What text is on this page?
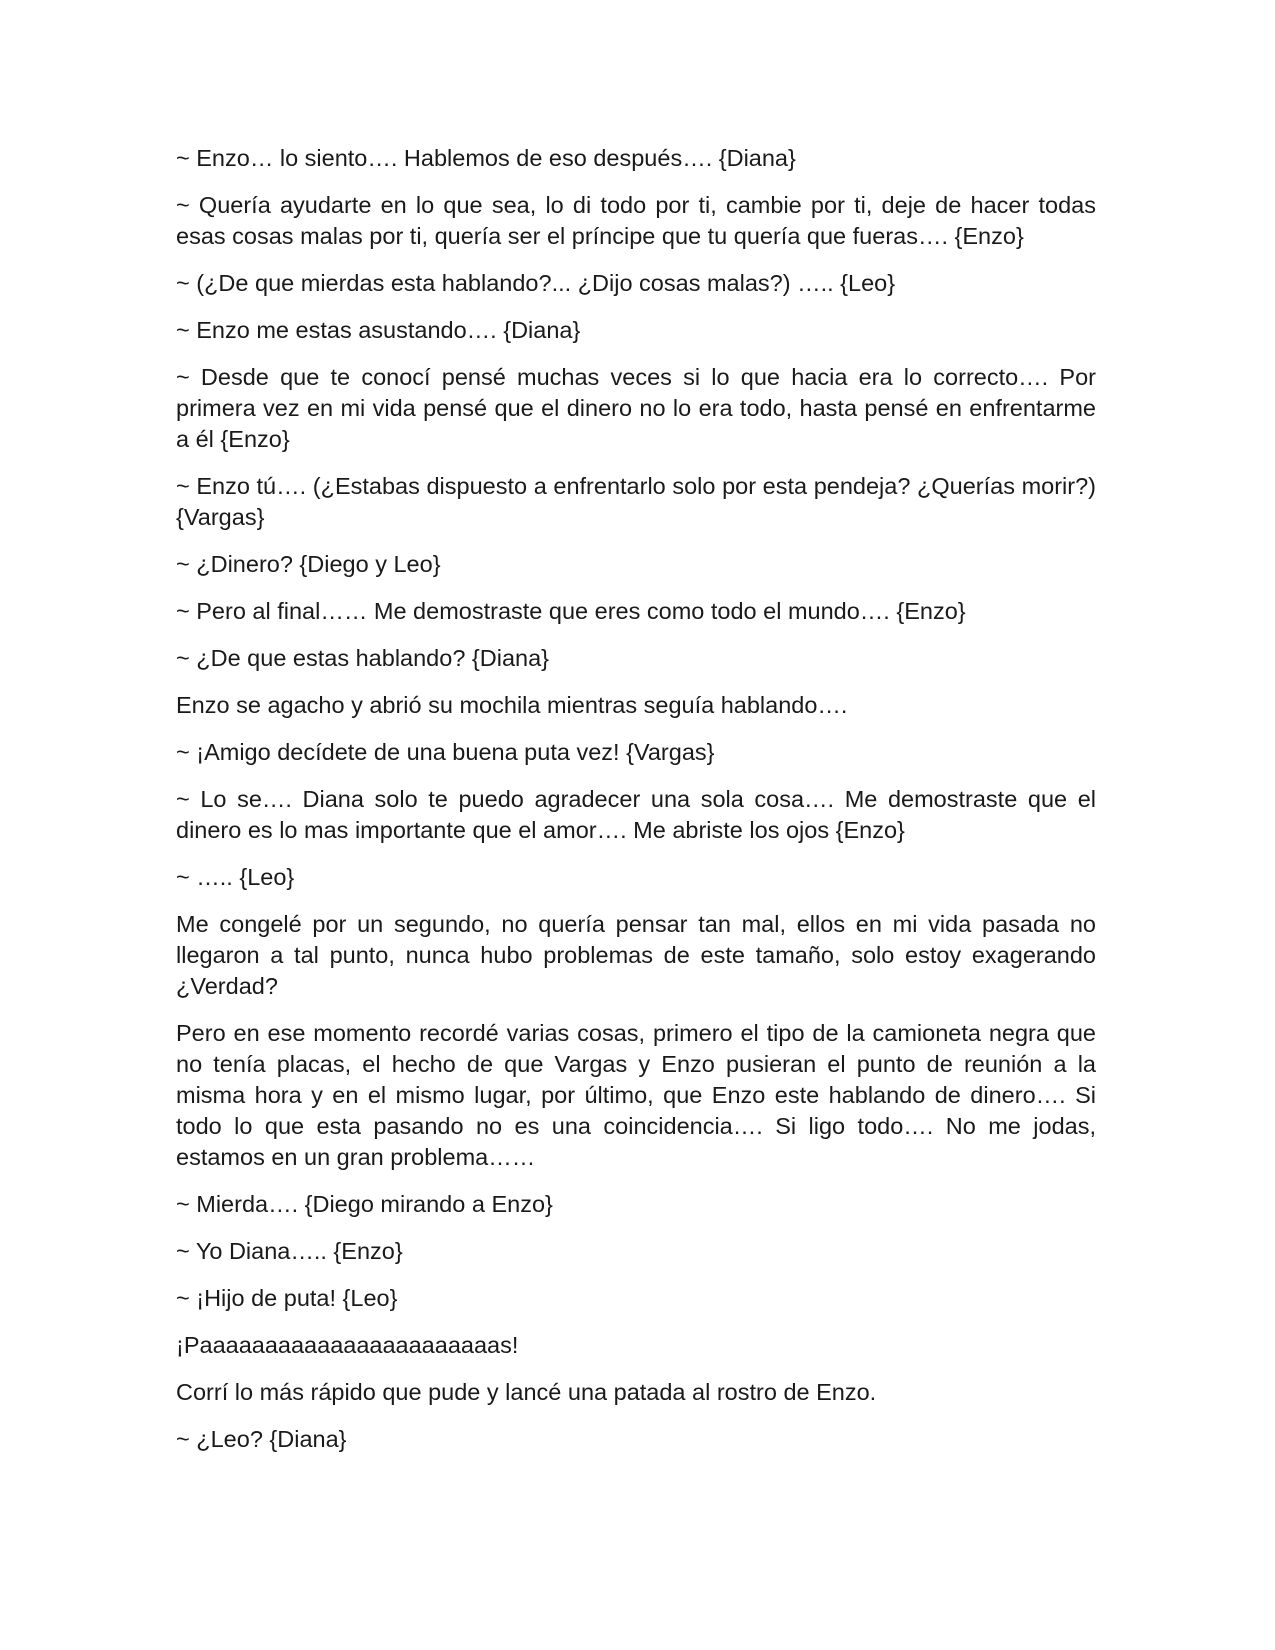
~ Enzo… lo siento…. Hablemos de eso después…. {Diana}

~ Quería ayudarte en lo que sea, lo di todo por ti, cambie por ti, deje de hacer todas esas cosas malas por ti, quería ser el príncipe que tu quería que fueras…. {Enzo}

~ (¿De que mierdas esta hablando?... ¿Dijo cosas malas?) ….. {Leo}

~ Enzo me estas asustando…. {Diana}

~ Desde que te conocí pensé muchas veces si lo que hacia era lo correcto…. Por primera vez en mi vida pensé que el dinero no lo era todo, hasta pensé en enfrentarme a él {Enzo}

~ Enzo tú…. (¿Estabas dispuesto a enfrentarlo solo por esta pendeja? ¿Querías morir?) {Vargas}

~ ¿Dinero? {Diego y Leo}

~ Pero al final…… Me demostraste que eres como todo el mundo…. {Enzo}

~ ¿De que estas hablando? {Diana}

Enzo se agacho y abrió su mochila mientras seguía hablando….

~ ¡Amigo decídete de una buena puta vez! {Vargas}

~ Lo se…. Diana solo te puedo agradecer una sola cosa…. Me demostraste que el dinero es lo mas importante que el amor…. Me abriste los ojos {Enzo}

~ ….. {Leo}

Me congelé por un segundo, no quería pensar tan mal, ellos en mi vida pasada no llegaron a tal punto, nunca hubo problemas de este tamaño, solo estoy exagerando ¿Verdad?

Pero en ese momento recordé varias cosas, primero el tipo de la camioneta negra que no tenía placas, el hecho de que Vargas y Enzo pusieran el punto de reunión a la misma hora y en el mismo lugar, por último, que Enzo este hablando de dinero…. Si todo lo que esta pasando no es una coincidencia…. Si ligo todo…. No me jodas, estamos en un gran problema……

~ Mierda…. {Diego mirando a Enzo}

~ Yo Diana….. {Enzo}

~ ¡Hijo de puta! {Leo}

¡Paaaaaaaaaaaaaaaaaaaaaaas!

Corrí lo más rápido que pude y lancé una patada al rostro de Enzo.

~ ¿Leo? {Diana}
